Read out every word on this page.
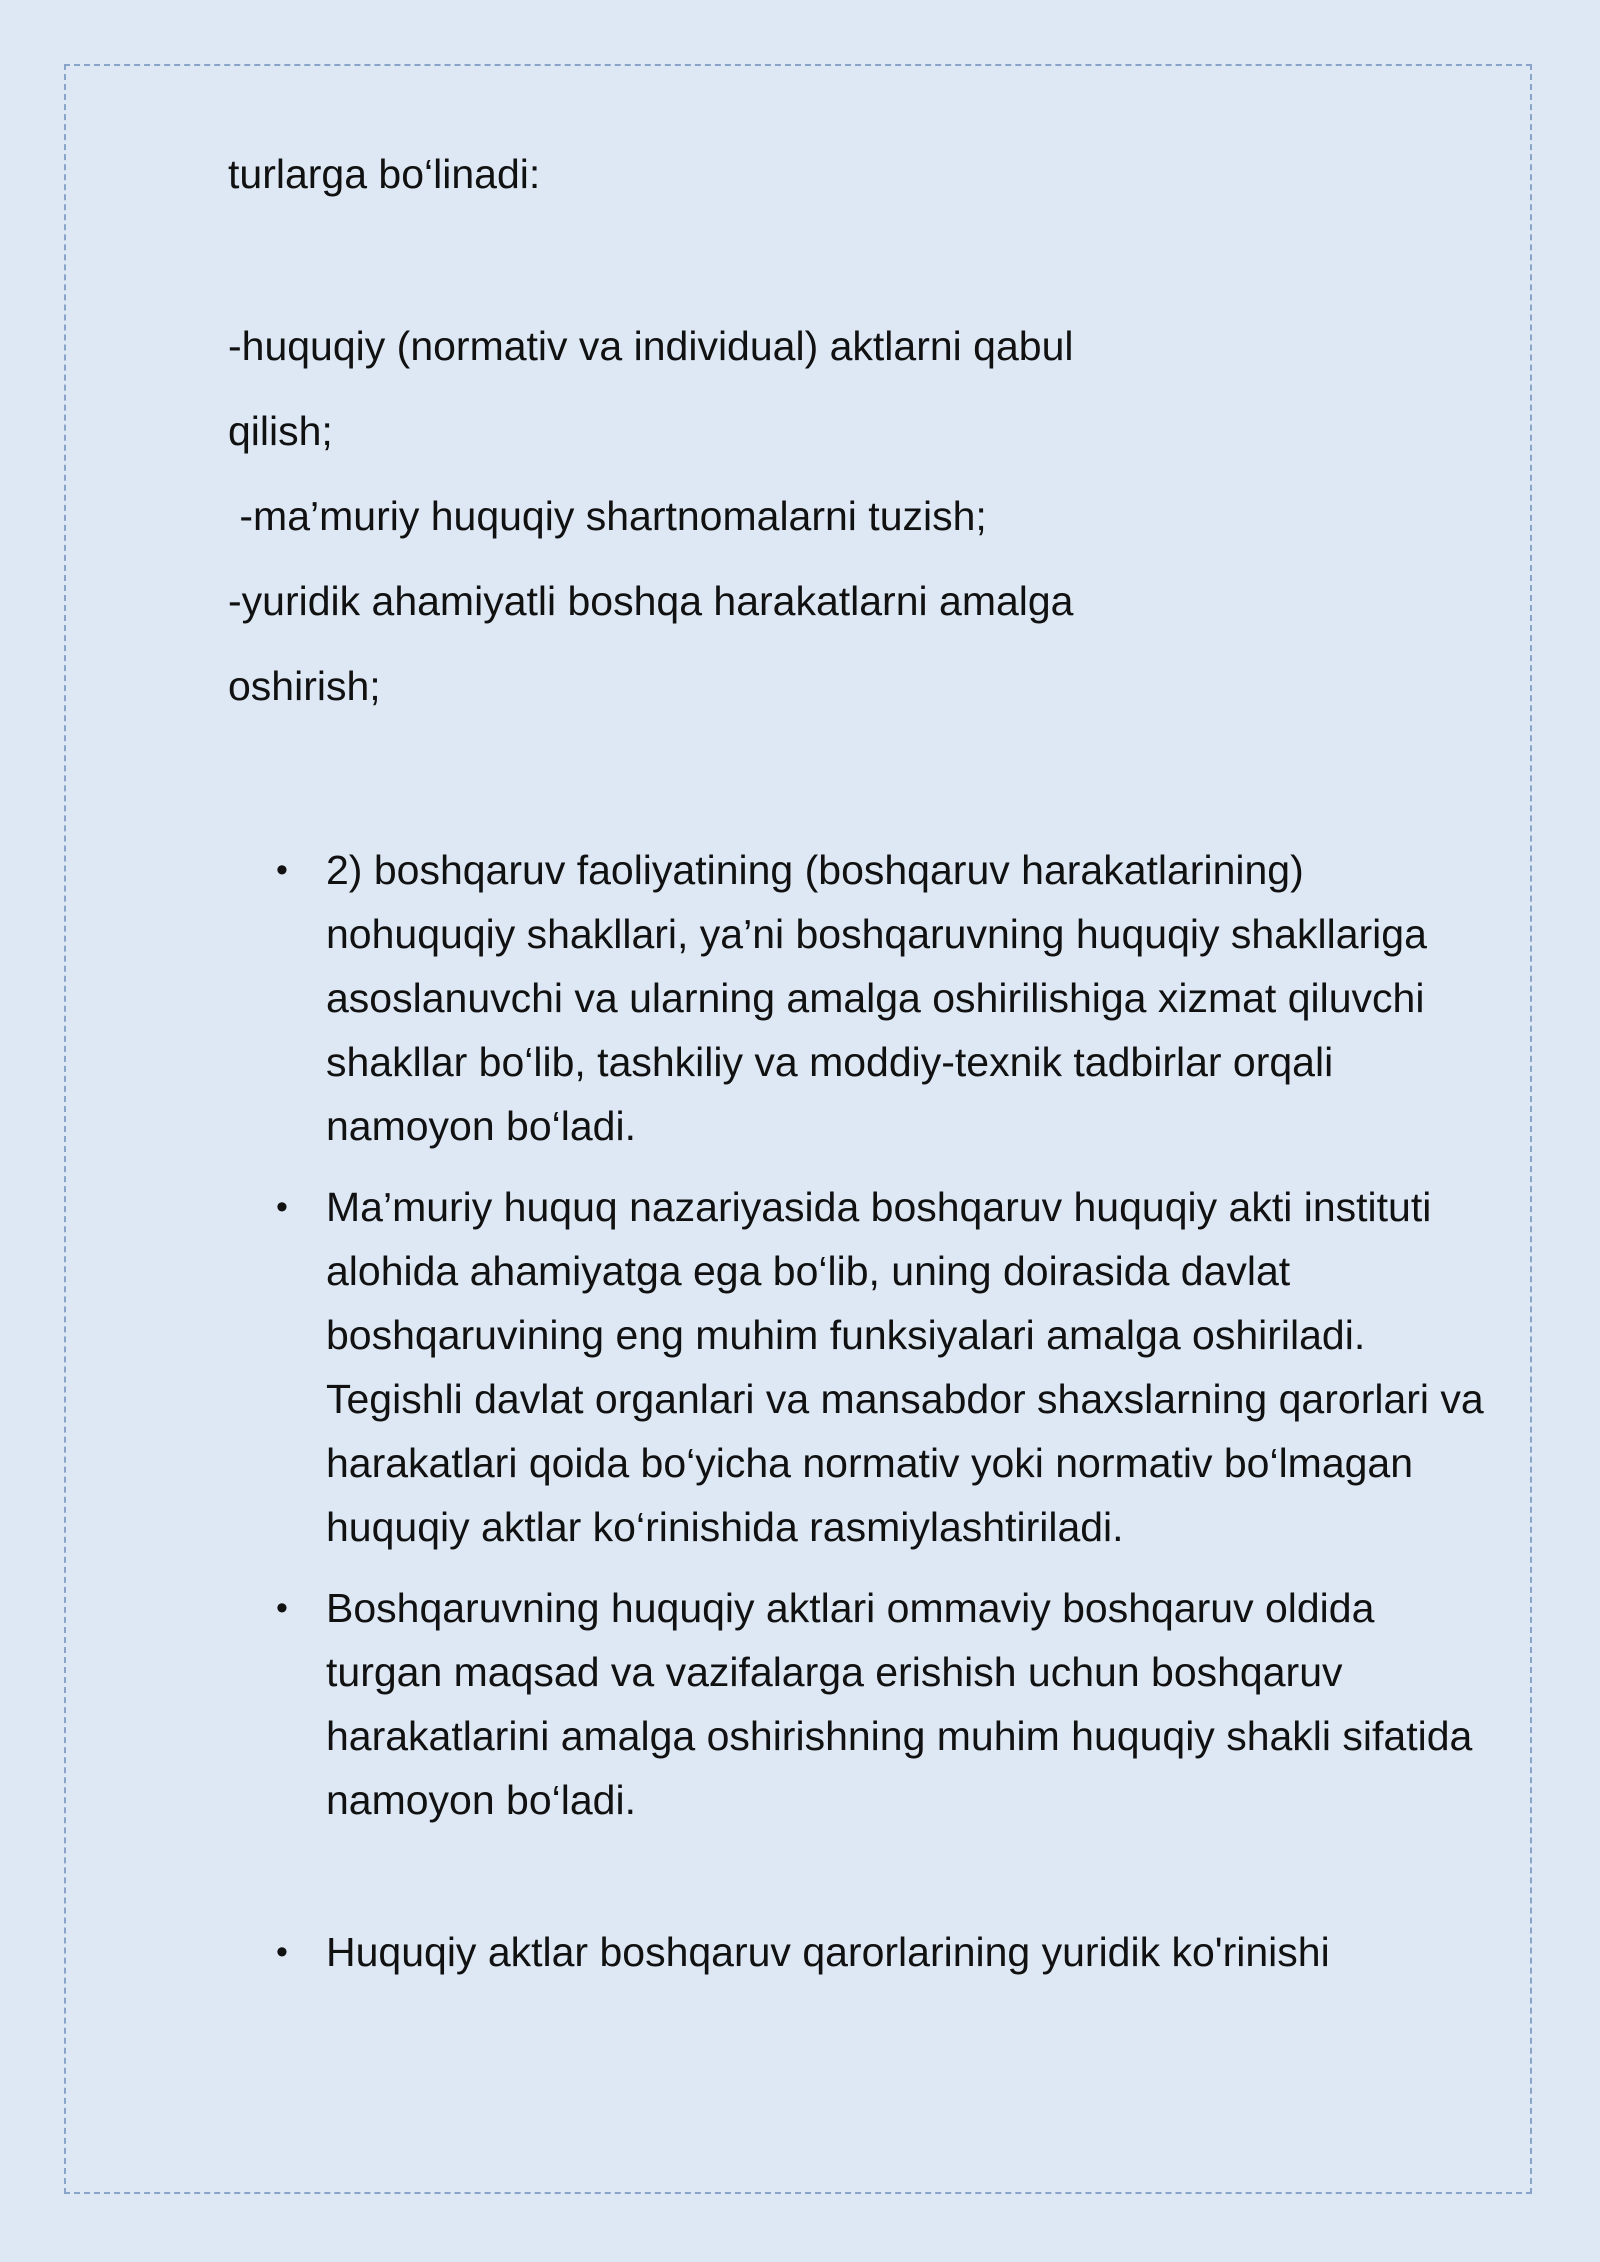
turlarga bo‘linadi:

-huquqiy (normativ va individual) aktlarni qabul

qilish;

-ma’muriy huquqiy shartnomalarni tuzish;

-yuridik ahamiyatli boshqa harakatlarni amalga

oshirish;

• 2) boshqaruv faoliyatining (boshqaruv harakatlarining) nohuquqiy shakllari, ya’ni boshqaruvning huquqiy shakllariga asoslanuvchi va ularning amalga oshirilishiga xizmat qiluvchi shakllar bo‘lib, tashkiliy va moddiy-texnik tadbirlar orqali namoyon bo‘ladi.
• Ma’muriy huquq nazariyasida boshqaruv huquqiy akti instituti alohida ahamiyatga ega bo‘lib, uning doirasida davlat boshqaruvining eng muhim funksiyalari amalga oshiriladi. Tegishli davlat organlari va mansabdor shaxslarning qarorlari va harakatlari qoida bo‘yicha normativ yoki normativ bo‘lmagan huquqiy aktlar ko‘rinishida rasmiylashtiriladi.
• Boshqaruvning huquqiy aktlari ommaviy boshqaruv oldida turgan maqsad va vazifalarga erishish uchun boshqaruv harakatlarini amalga oshirishning muhim huquqiy shakli sifatida namoyon bo‘ladi.
• Huquqiy aktlar boshqaruv qarorlarining yuridik ko'rinishi
